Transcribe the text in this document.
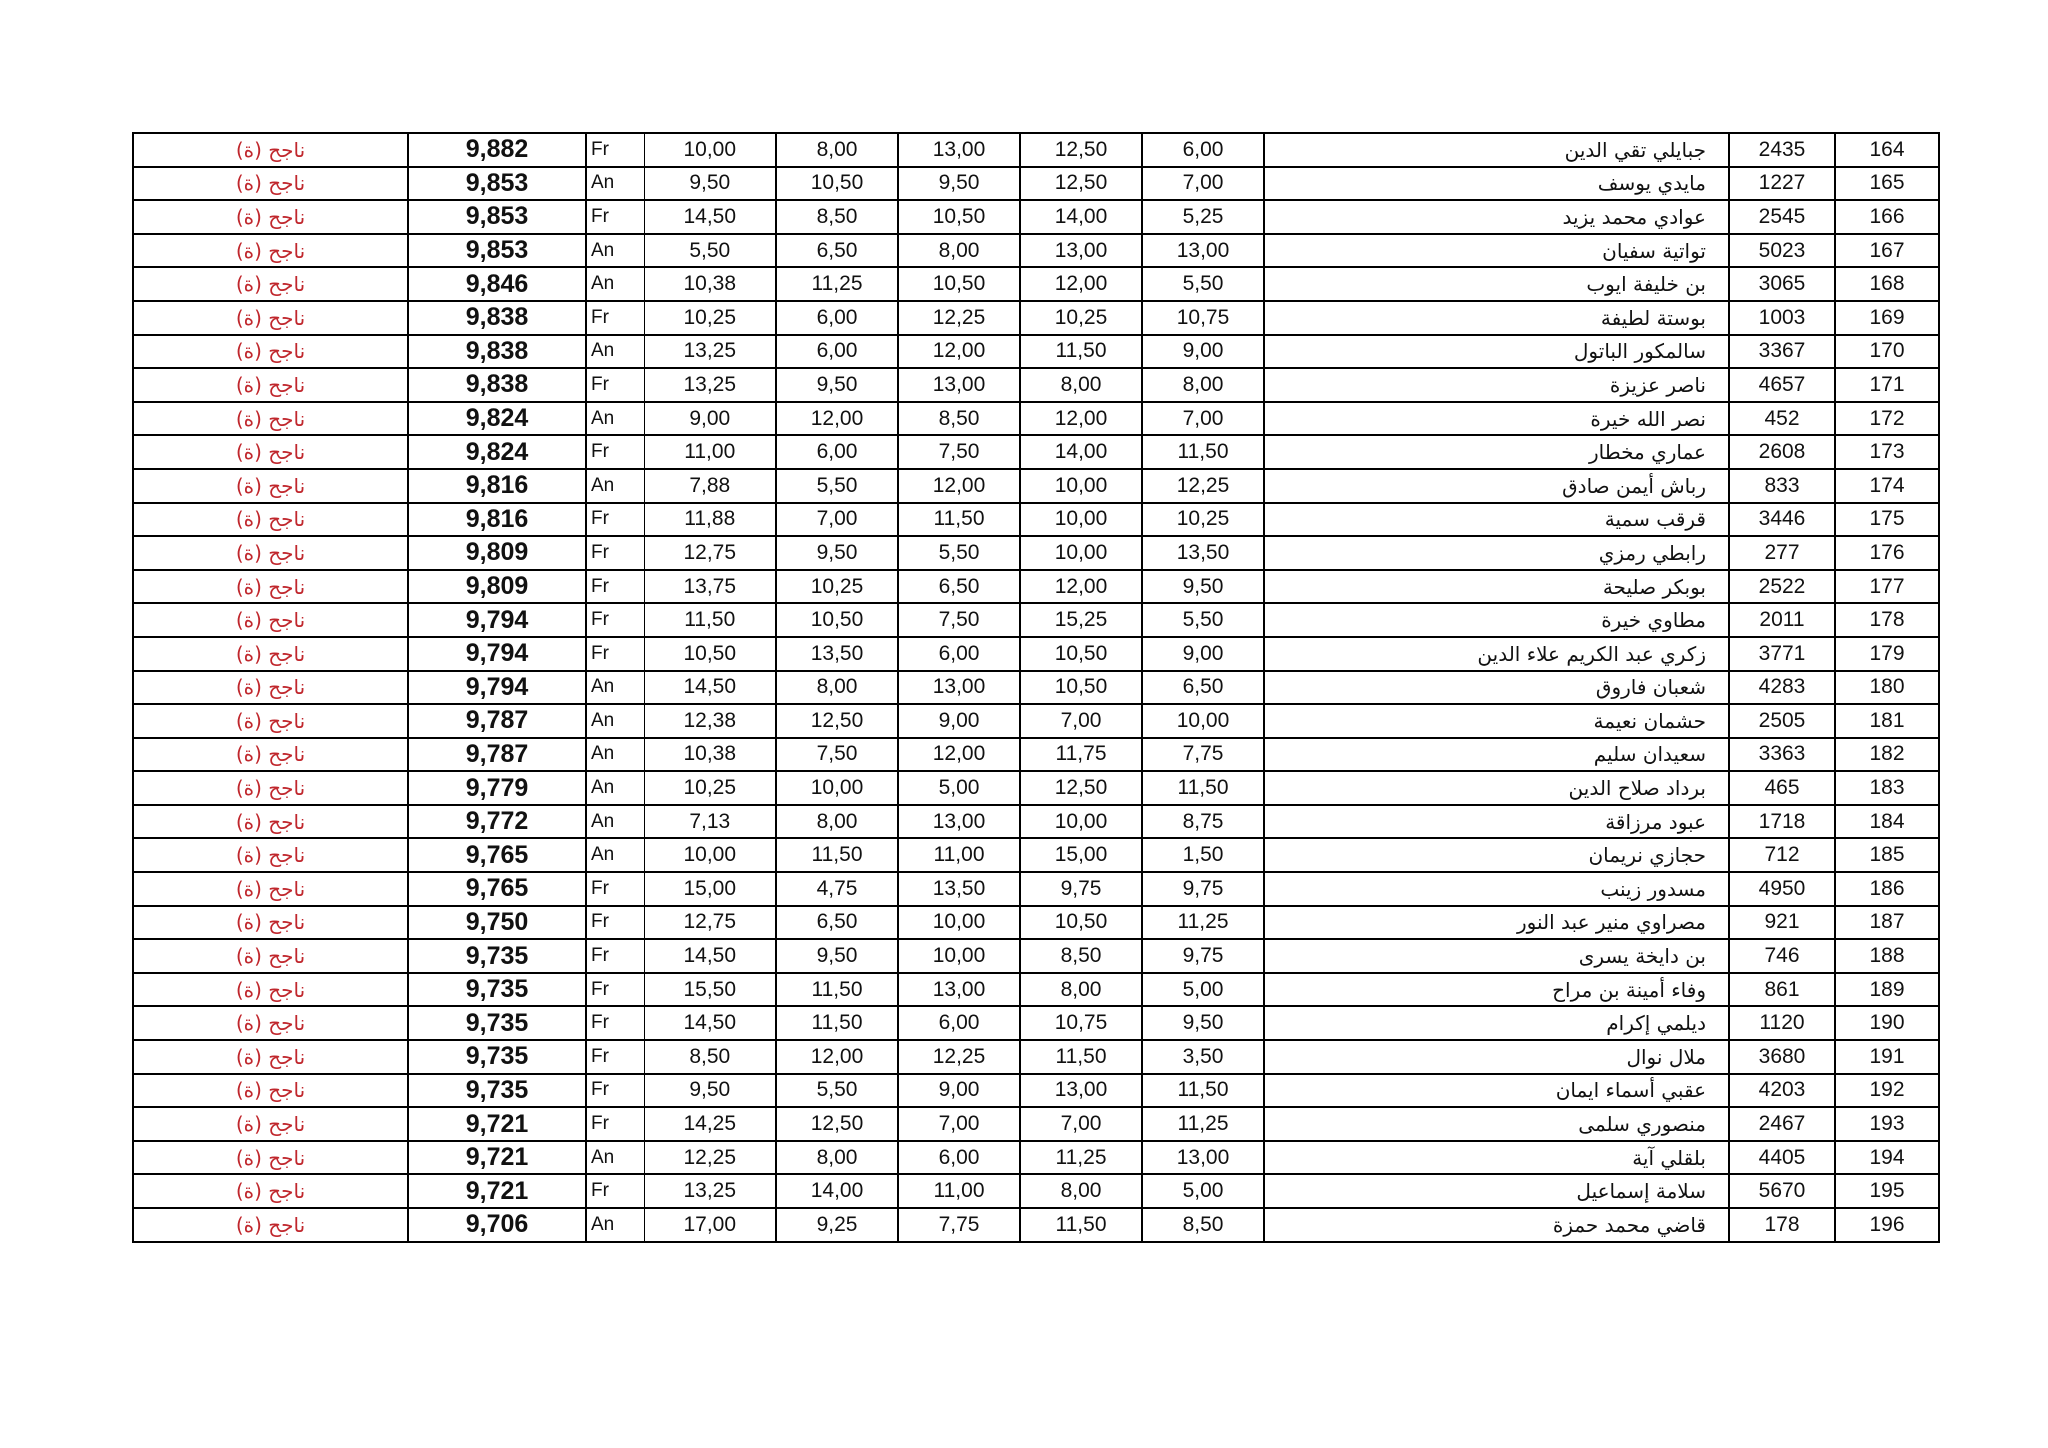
ناجح (ة)	9,882	Fr	10,00	8,00	13,00	12,50	6,00	جبايلي تقي الدين	2435	164
ناجح (ة)	9,853	An	9,50	10,50	9,50	12,50	7,00	مايدي يوسف	1227	165
ناجح (ة)	9,853	Fr	14,50	8,50	10,50	14,00	5,25	عوادي محمد يزيد	2545	166
ناجح (ة)	9,853	An	5,50	6,50	8,00	13,00	13,00	تواتية سفيان	5023	167
ناجح (ة)	9,846	An	10,38	11,25	10,50	12,00	5,50	بن خليفة ايوب	3065	168
ناجح (ة)	9,838	Fr	10,25	6,00	12,25	10,25	10,75	بوستة لطيفة	1003	169
ناجح (ة)	9,838	An	13,25	6,00	12,00	11,50	9,00	سالمكور الباتول	3367	170
ناجح (ة)	9,838	Fr	13,25	9,50	13,00	8,00	8,00	ناصر عزيزة	4657	171
ناجح (ة)	9,824	An	9,00	12,00	8,50	12,00	7,00	نصر الله خيرة	452	172
ناجح (ة)	9,824	Fr	11,00	6,00	7,50	14,00	11,50	عماري مخطار	2608	173
ناجح (ة)	9,816	An	7,88	5,50	12,00	10,00	12,25	رباش أيمن صادق	833	174
ناجح (ة)	9,816	Fr	11,88	7,00	11,50	10,00	10,25	قرقب سمية	3446	175
ناجح (ة)	9,809	Fr	12,75	9,50	5,50	10,00	13,50	رابطي رمزي	277	176
ناجح (ة)	9,809	Fr	13,75	10,25	6,50	12,00	9,50	بوبكر صليحة	2522	177
ناجح (ة)	9,794	Fr	11,50	10,50	7,50	15,25	5,50	مطاوي خيرة	2011	178
ناجح (ة)	9,794	Fr	10,50	13,50	6,00	10,50	9,00	زكري عبد الكريم علاء الدين	3771	179
ناجح (ة)	9,794	An	14,50	8,00	13,00	10,50	6,50	شعبان فاروق	4283	180
ناجح (ة)	9,787	An	12,38	12,50	9,00	7,00	10,00	حشمان نعيمة	2505	181
ناجح (ة)	9,787	An	10,38	7,50	12,00	11,75	7,75	سعيدان سليم	3363	182
ناجح (ة)	9,779	An	10,25	10,00	5,00	12,50	11,50	برداد صلاح الدين	465	183
ناجح (ة)	9,772	An	7,13	8,00	13,00	10,00	8,75	عبود مرزاقة	1718	184
ناجح (ة)	9,765	An	10,00	11,50	11,00	15,00	1,50	حجازي نريمان	712	185
ناجح (ة)	9,765	Fr	15,00	4,75	13,50	9,75	9,75	مسدور زينب	4950	186
ناجح (ة)	9,750	Fr	12,75	6,50	10,00	10,50	11,25	مصراوي منير عبد النور	921	187
ناجح (ة)	9,735	Fr	14,50	9,50	10,00	8,50	9,75	بن دايخة يسرى	746	188
ناجح (ة)	9,735	Fr	15,50	11,50	13,00	8,00	5,00	وفاء أمينة بن مراح	861	189
ناجح (ة)	9,735	Fr	14,50	11,50	6,00	10,75	9,50	ديلمي إكرام	1120	190
ناجح (ة)	9,735	Fr	8,50	12,00	12,25	11,50	3,50	ملال نوال	3680	191
ناجح (ة)	9,735	Fr	9,50	5,50	9,00	13,00	11,50	عقبي أسماء ايمان	4203	192
ناجح (ة)	9,721	Fr	14,25	12,50	7,00	7,00	11,25	منصوري سلمى	2467	193
ناجح (ة)	9,721	An	12,25	8,00	6,00	11,25	13,00	بلقلي آية	4405	194
ناجح (ة)	9,721	Fr	13,25	14,00	11,00	8,00	5,00	سلامة إسماعيل	5670	195
ناجح (ة)	9,706	An	17,00	9,25	7,75	11,50	8,50	قاضي محمد حمزة	178	196
